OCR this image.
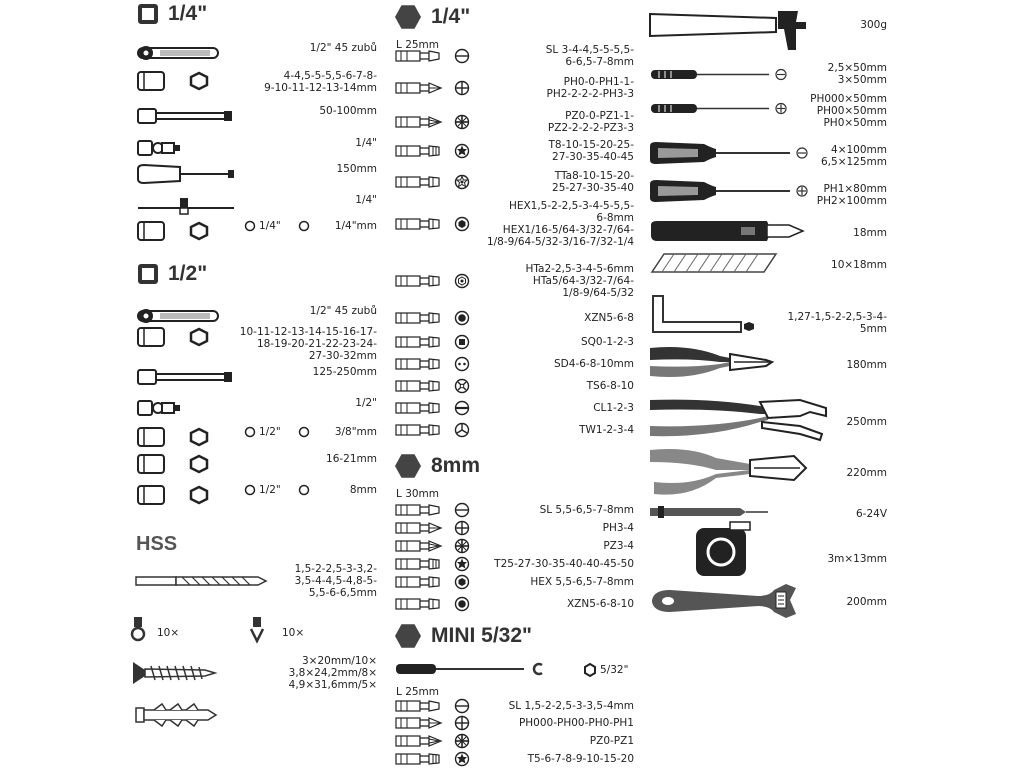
1/4"
1/2" 45 zubů
4-4,5-5-5,5-6-7-8-
9-10-11-12-13-14mm
50-100mm
1/4"
150mm
1/4"
1/4"mm
1/4"
1/2"
1/2" 45 zubů
10-11-12-13-14-15-16-17-
18-19-20-21-22-23-24-
27-30-32mm
125-250mm
1/2"
3/8"mm
1/2"
16-21mm
8mm
1/2"
HSS
1,5-2-2,5-3-3,2-
3,5-4-4,5-4,8-5-
5,5-6-6,5mm
10×	10×
3×20mm/10×
3,8×24,2mm/8×
4,9×31,6mm/5×
1/4"
L 25mm	SL 3-4-4,5-5-5,5-
6-6,5-7-8mm
PH0-0-PH1-1-
PH2-2-2-2-PH3-3
PZ0-0-PZ1-1-
PZ2-2-2-2-PZ3-3
T8-10-15-20-25-
27-30-35-40-45
TTa8-10-15-20-
25-27-30-35-40
HEX1,5-2-2,5-3-4-5-5,5-
6-8mm
HEX1/16-5/64-3/32-7/64-
1/8-9/64-5/32-3/16-7/32-1/4
HTa2-2,5-3-4-5-6mm
HTa5/64-3/32-7/64-
1/8-9/64-5/32
XZN5-6-8
SQ0-1-2-3
SD4-6-8-10mm
TS6-8-10
CL1-2-3
TW1-2-3-4
8mm
L 30mm
SL 5,5-6,5-7-8mm
PH3-4
PZ3-4
T25-27-30-35-40-40-45-50
HEX 5,5-6,5-7-8mm
XZN5-6-8-10
MINI 5/32"
5/32"
L 25mm
SL 1,5-2-2,5-3-3,5-4mm
PH000-PH00-PH0-PH1
PZ0-PZ1
T5-6-7-8-9-10-15-20
300g
2,5×50mm
3×50mm
PH000×50mm
PH00×50mm
PH0×50mm
4×100mm
6,5×125mm
PH1×80mm
PH2×100mm
18mm
10×18mm
1,27-1,5-2-2,5-3-4-
5mm
180mm
250mm
220mm
6-24V
3m×13mm
200mm
